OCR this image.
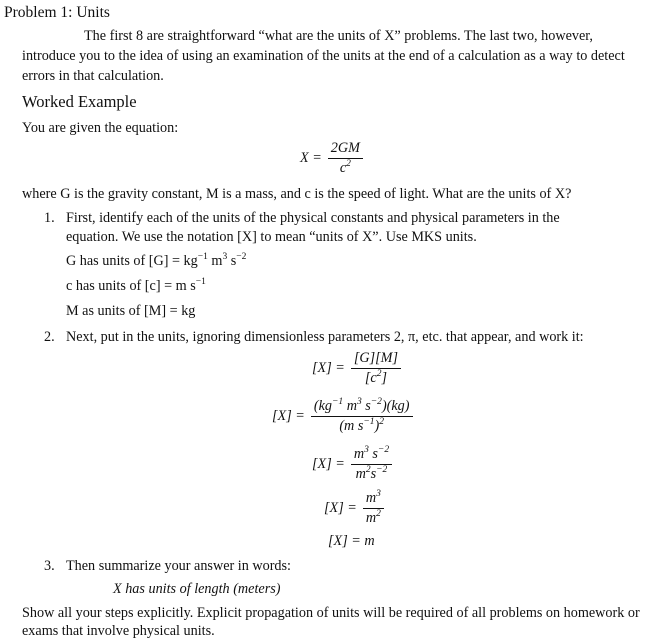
Problem 1: Units
The first 8 are straightforward “what are the units of X” problems. The last two, however, introduce you to the idea of using an examination of the units at the end of a calculation as a way to detect errors in that calculation.
Worked Example
You are given the equation:
$X = \frac{2GM}{c^2}$
where G is the gravity constant, M is a mass, and c is the speed of light. What are the units of X?
1. First, identify each of the units of the physical constants and physical parameters in the
equation. We use the notation [X] to mean “units of X”. Use MKS units.
G has units of $[G] = kg^{-1}$ $m^3$ $s^{-2}$
c has units of [c] = m $s^{-1}$
M as units of [M] = kg
2. Next, put in the units, ignoring dimensionless parameters 2, π, etc. that appear, and work it:
$[X] = \frac{[G][M]}{[c^2]}$
$[X] = \frac{(kg^{-1} m^3 s^{-2})(kg)}{(m s^{-1})^2}$
$[X] = \frac{m^3 s^{-2}}{m^2s^{-2}}$
$[X] = \frac{m^3}{m^2}$
[X] = m
3. Then summarize your answer in words:
X has units of length (meters)
Show all your steps explicitly. Explicit propagation of units will be required of all problems on homework or exams that involve physical units.
